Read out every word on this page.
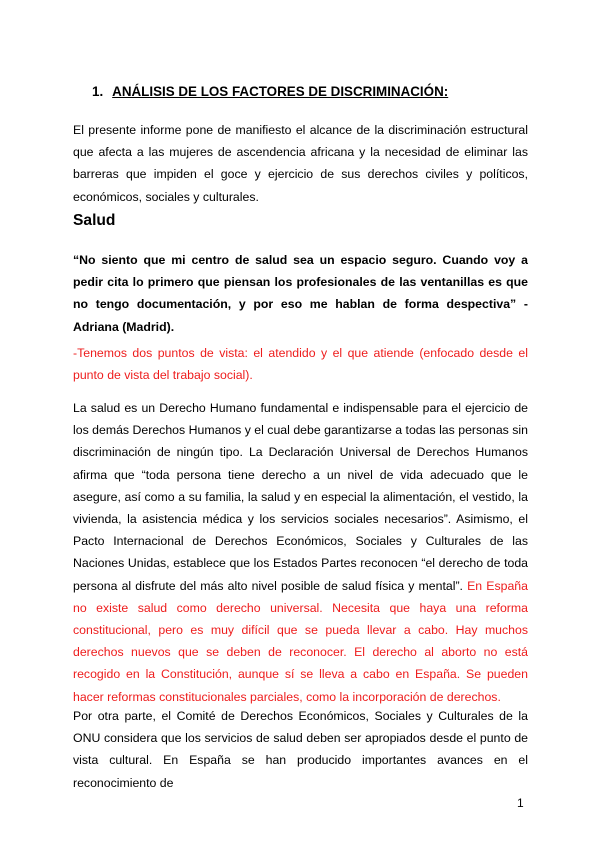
1. ANÁLISIS DE LOS FACTORES DE DISCRIMINACIÓN:

El presente informe pone de manifiesto el alcance de la discriminación estructural que afecta a las mujeres de ascendencia africana y la necesidad de eliminar las barreras que impiden el goce y ejercicio de sus derechos civiles y políticos, económicos, sociales y culturales.

Salud

“No siento que mi centro de salud sea un espacio seguro. Cuando voy a pedir cita lo primero que piensan los profesionales de las ventanillas es que no tengo documentación, y por eso me hablan de forma despectiva” - Adriana (Madrid).

-Tenemos dos puntos de vista: el atendido y el que atiende (enfocado desde el punto de vista del trabajo social).

La salud es un Derecho Humano fundamental e indispensable para el ejercicio de los demás Derechos Humanos y el cual debe garantizarse a todas las personas sin discriminación de ningún tipo. La Declaración Universal de Derechos Humanos afirma que “toda persona tiene derecho a un nivel de vida adecuado que le asegure, así como a su familia, la salud y en especial la alimentación, el vestido, la vivienda, la asistencia médica y los servicios sociales necesarios”. Asimismo, el Pacto Internacional de Derechos Económicos, Sociales y Culturales de las Naciones Unidas, establece que los Estados Partes reconocen “el derecho de toda persona al disfrute del más alto nivel posible de salud física y mental”. En España no existe salud como derecho universal. Necesita que haya una reforma constitucional, pero es muy difícil que se pueda llevar a cabo. Hay muchos derechos nuevos que se deben de reconocer. El derecho al aborto no está recogido en la Constitución, aunque sí se lleva a cabo en España. Se pueden hacer reformas constitucionales parciales, como la incorporación de derechos.

Por otra parte, el Comité de Derechos Económicos, Sociales y Culturales de la ONU considera que los servicios de salud deben ser apropiados desde el punto de vista cultural. En España se han producido importantes avances en el reconocimiento de

1
